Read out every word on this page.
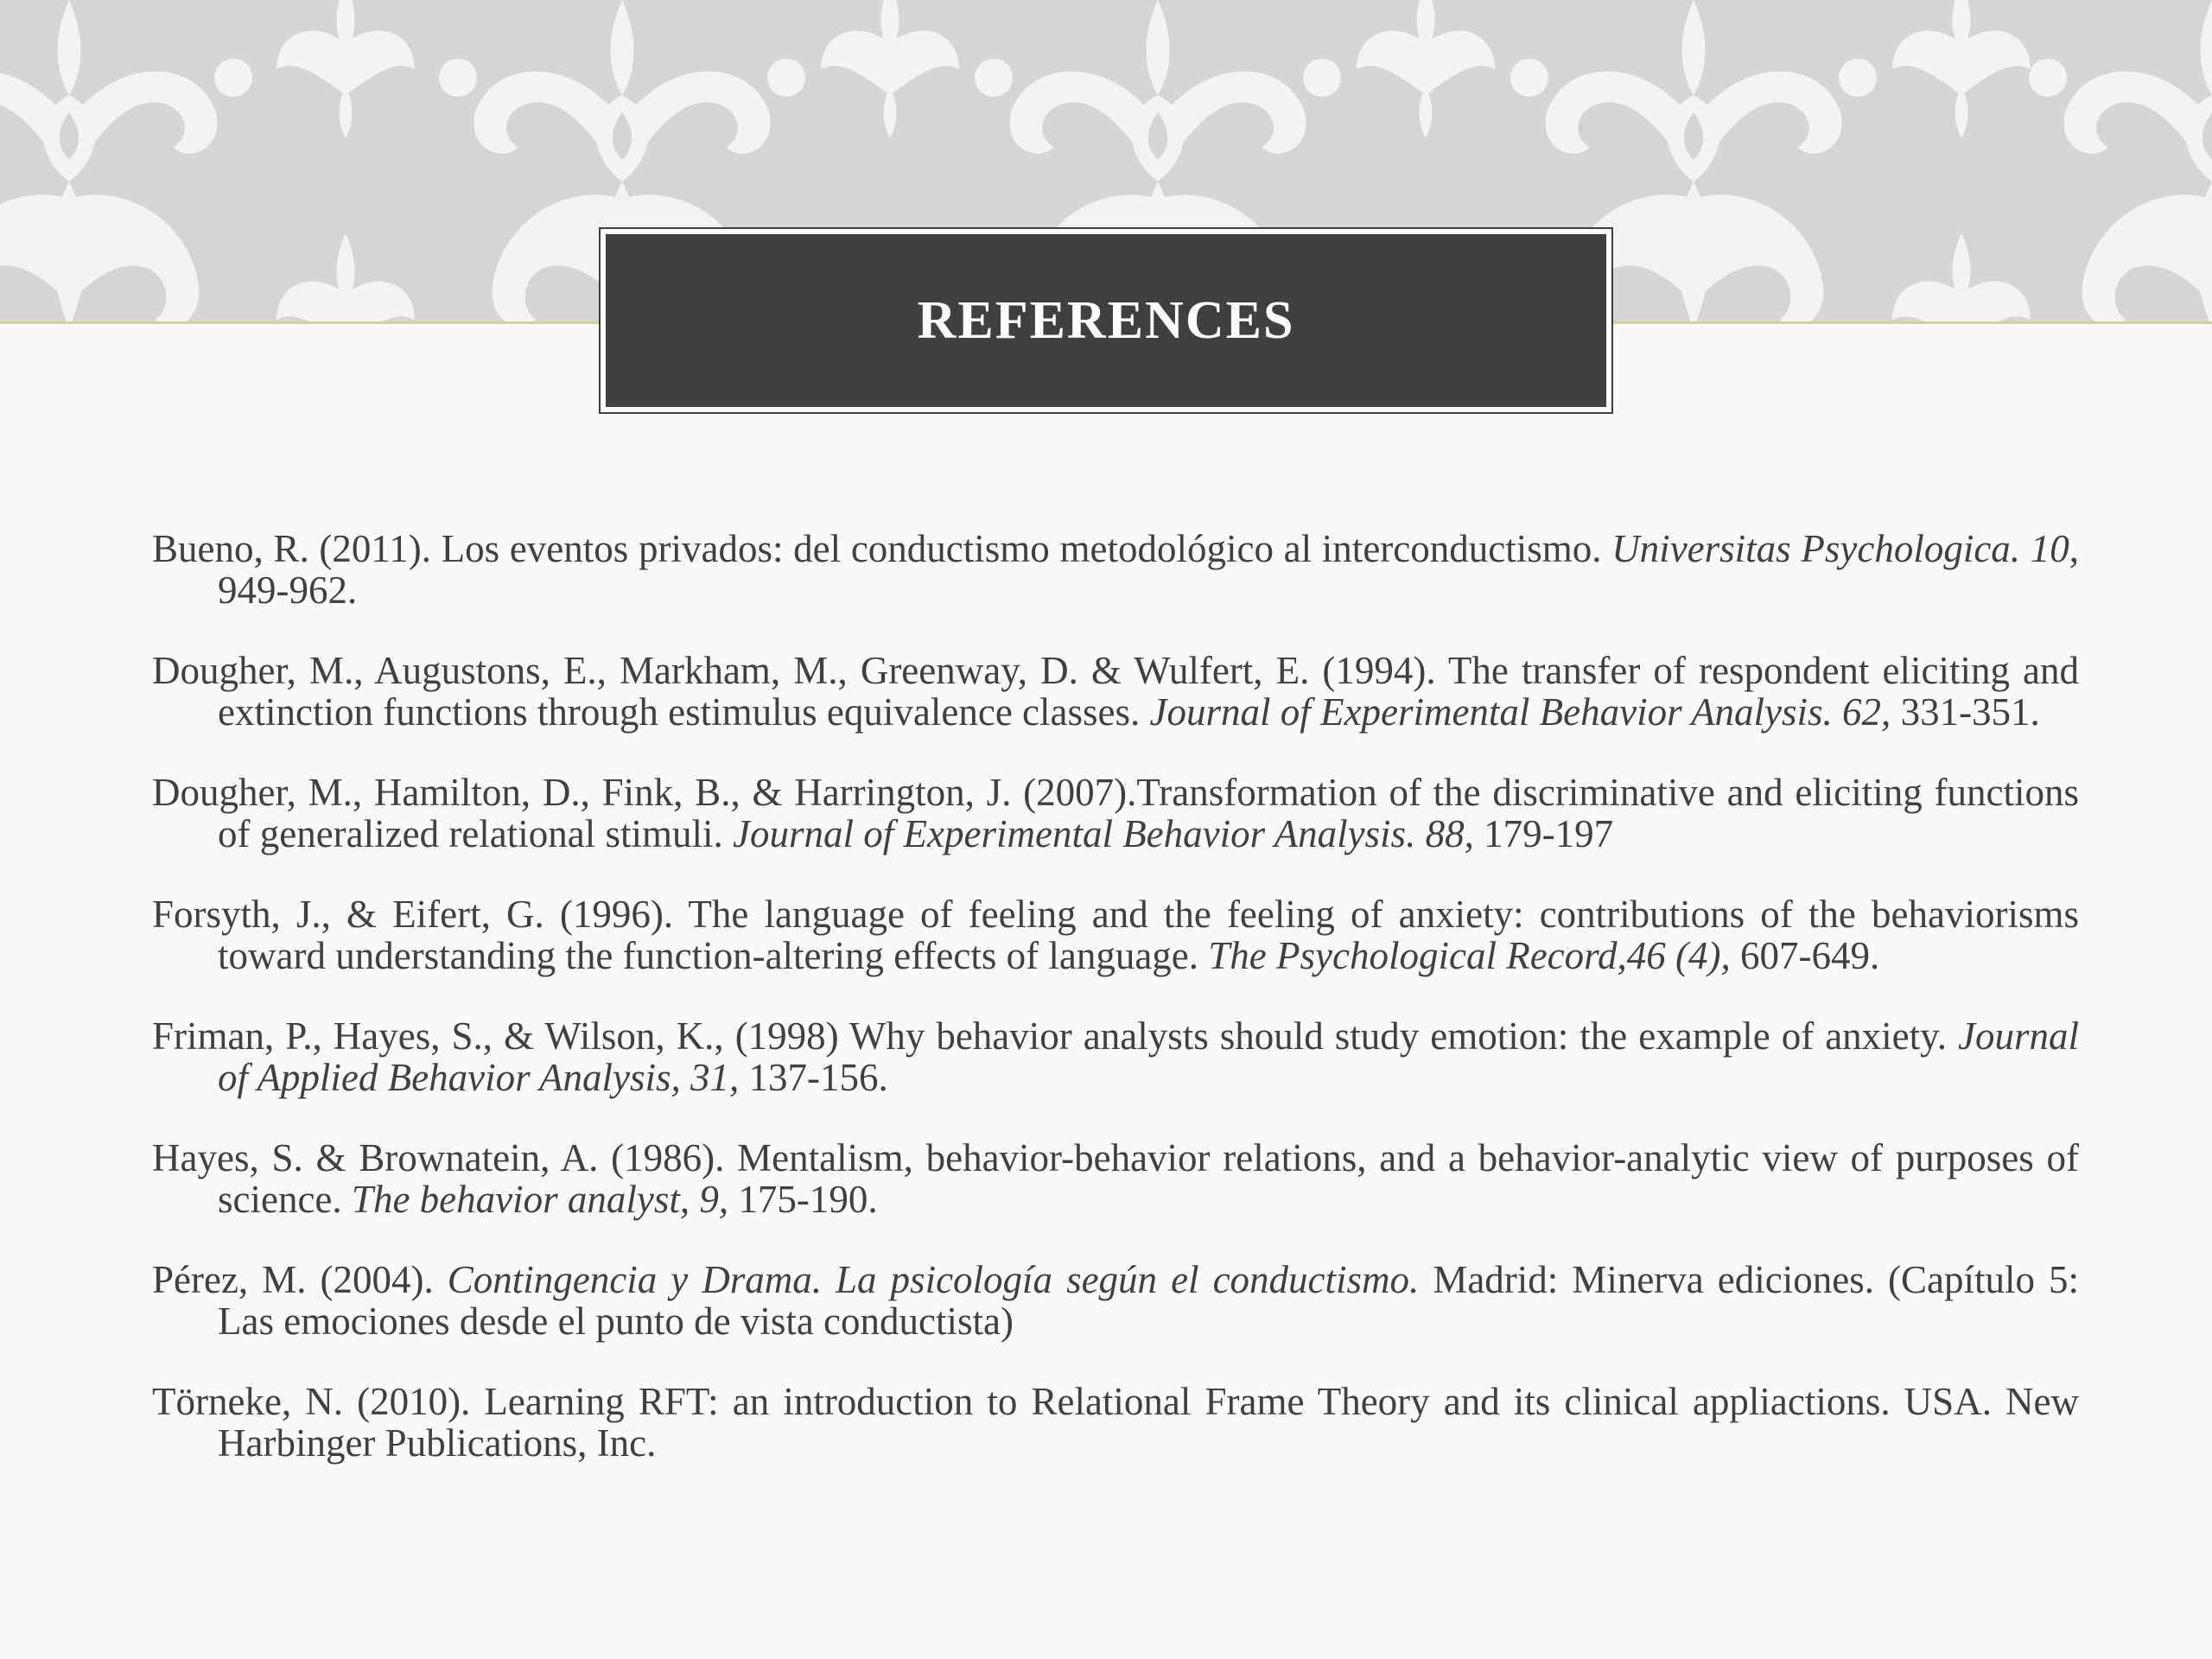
REFERENCES

Bueno, R. (2011). Los eventos privados: del conductismo metodológico al interconductismo. Universitas Psychologica. 10, 949-962.

Dougher, M., Augustons, E., Markham, M., Greenway, D. & Wulfert, E. (1994). The transfer of respondent eliciting and extinction functions through estimulus equivalence classes. Journal of Experimental Behavior Analysis. 62, 331-351.

Dougher, M., Hamilton, D., Fink, B., & Harrington, J. (2007).Transformation of the discriminative and eliciting functions of generalized relational stimuli. Journal of Experimental Behavior Analysis. 88, 179-197

Forsyth, J., & Eifert, G. (1996). The language of feeling and the feeling of anxiety: contributions of the behaviorisms toward understanding the function-altering effects of language. The Psychological Record,46 (4), 607-649.

Friman, P., Hayes, S., & Wilson, K., (1998) Why behavior analysts should study emotion: the example of anxiety. Journal of Applied Behavior Analysis, 31, 137-156.

Hayes, S. & Brownatein, A. (1986). Mentalism, behavior-behavior relations, and a behavior-analytic view of purposes of science. The behavior analyst, 9, 175-190.

Pérez, M. (2004). Contingencia y Drama. La psicología según el conductismo. Madrid: Minerva ediciones. (Capítulo 5: Las emociones desde el punto de vista conductista)

Törneke, N. (2010). Learning RFT: an introduction to Relational Frame Theory and its clinical appliactions. USA. New Harbinger Publications, Inc.
